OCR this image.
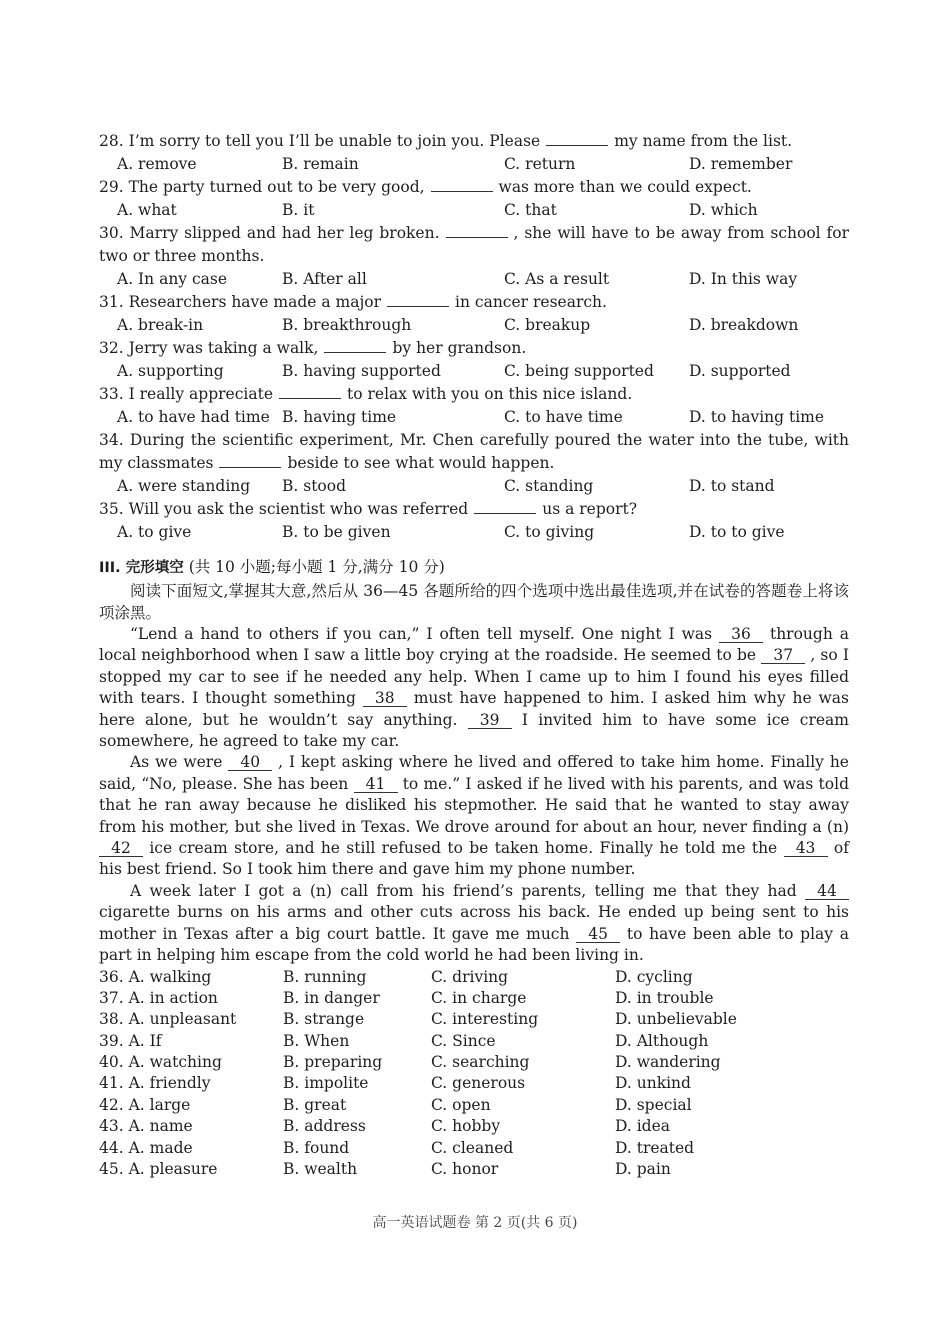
28. I’m sorry to tell you I’ll be unable to join you. Please	my name from the list.
A. remove	B. remain	C. return	D. remember
29. The party turned out to be very good,	was more than we could expect.
A. what	B. it	C. that	D. which
30. Marry slipped and had her leg broken.	, she will have to be away from school for two or three months.
A. In any case	B. After all	C. As a result	D. In this way
31. Researchers have made a major	in cancer research.
A. break-in	B. breakthrough	C. breakup	D. breakdown
32. Jerry was taking a walk,	by her grandson.
A. supporting	B. having supported	C. being supported	D. supported
33. I really appreciate	to relax with you on this nice island.
A. to have had time B. having time	C. to have time	D. to having time
34. During the scientific experiment, Mr. Chen carefully poured the water into the tube, with my classmates	beside to see what would happen.
A. were standing	B. stood	C. standing	D. to stand
35. Will you ask the scientist who was referred	us a report?
A. to give	B. to be given	C. to giving	D. to to give
III. 完形填空 (共 10 小题;每小题 1 分,满分 10 分)
阅读下面短文,掌握其大意,然后从 36—45 各题所给的四个选项中选出最佳选项,并在试卷的答题卷上将该项涂黑。

“Lend a hand to others if you can,” I often tell myself. One night I was 36 through a local neighborhood when I saw a little boy crying at the roadside. He seemed to be 37 , so I stopped my car to see if he needed any help. When I came up to him I found his eyes filled with tears. I thought something 38 must have happened to him. I asked him why he was here alone, but he wouldn’t say anything. 39 I invited him to have some ice cream somewhere, he agreed to take my car.

As we were 40 , I kept asking where he lived and offered to take him home. Finally he said, “No, please. She has been 41 to me.” I asked if he lived with his parents, and was told that he ran away because he disliked his stepmother. He said that he wanted to stay away from his mother, but she lived in Texas. We drove around for about an hour, never finding a (n) 42 ice cream store, and he still refused to be taken home. Finally he told me the 43 of his best friend. So I took him there and gave him my phone number.

A week later I got a (n) call from his friend’s parents, telling me that they had 44 cigarette burns on his arms and other cuts across his back. He ended up being sent to his mother in Texas after a big court battle. It gave me much 45 to have been able to play a part in helping him escape from the cold world he had been living in.

36. A. walking	B. running	C. driving	D. cycling
37. A. in action	B. in danger	C. in charge	D. in trouble
38. A. unpleasant	B. strange	C. interesting	D. unbelievable
39. A. If	B. When	C. Since	D. Although
40. A. watching	B. preparing	C. searching	D. wandering
41. A. friendly	B. impolite	C. generous	D. unkind
42. A. large	B. great	C. open	D. special
43. A. name	B. address	C. hobby	D. idea
44. A. made	B. found	C. cleaned	D. treated
45. A. pleasure	B. wealth	C. honor	D. pain
高一英语试题卷 第 2 页(共 6 页)
